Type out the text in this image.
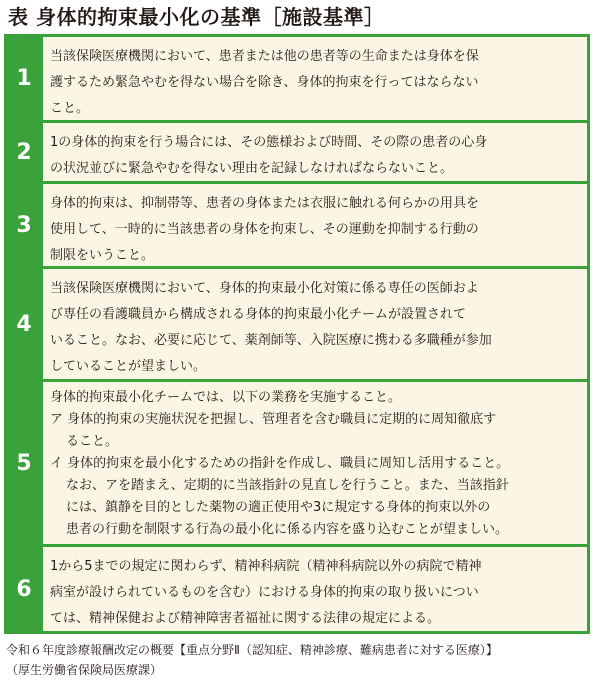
表 身体的拘束最小化の基準［施設基準］
1
当該保険医療機関において、患者または他の患者等の生命または身体を保
護するため緊急やむを得ない場合を除き、身体的拘束を行ってはならない
こと。
2	1の身体的拘束を行う場合には、その態様および時間、その際の患者の心身
の状況並びに緊急やむを得ない理由を記録しなければならないこと。
3
身体的拘束は、抑制帯等、患者の身体または衣服に触れる何らかの用具を
使用して、一時的に当該患者の身体を拘束し、その運動を抑制する行動の
制限をいうこと。
4
当該保険医療機関において、身体的拘束最小化対策に係る専任の医師およ
び専任の看護職員から構成される身体的拘束最小化チームが設置されて
いること。なお、必要に応じて、薬剤師等、入院医療に携わる多職種が参加
していることが望ましい。
5
身体的拘束最小化チームでは、以下の業務を実施すること。
ア 身体的拘束の実施状況を把握し、管理者を含む職員に定期的に周知徹底す
ること。
イ 身体的拘束を最小化するための指針を作成し、職員に周知し活用すること。
なお、アを踏まえ、定期的に当該指針の見直しを行うこと。また、当該指針
には、鎮静を目的とした薬物の適正使用や3に規定する身体的拘束以外の
患者の行動を制限する行為の最小化に係る内容を盛り込むことが望ましい。
6
1から5までの規定に関わらず、精神科病院（精神科病院以外の病院で精神
病室が設けられているものを含む）における身体的拘束の取り扱いについ
ては、精神保健および精神障害者福祉に関する法律の規定による。
令和６年度診療報酬改定の概要【重点分野Ⅱ（認知症、精神診療、難病患者に対する医療）】
（厚生労働省保険局医療課）
